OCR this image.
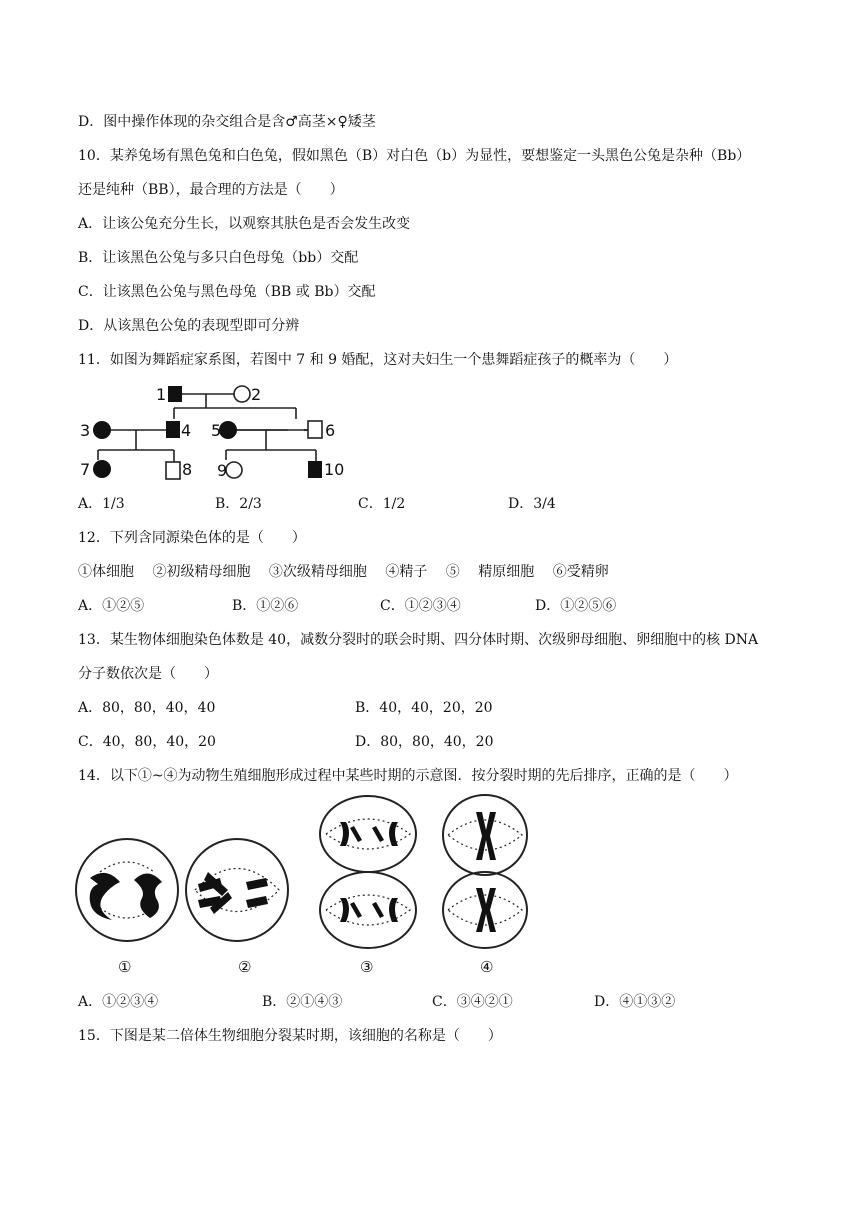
D．图中操作体现的杂交组合是含♂高茎×♀矮茎
10．某养兔场有黑色兔和白色兔，假如黑色（B）对白色（b）为显性，要想鉴定一头黑色公兔是杂种（Bb）
还是纯种（BB），最合理的方法是（　　）
A．让该公兔充分生长，以观察其肤色是否会发生改变
B．让该黑色公兔与多只白色母兔（bb）交配
C．让该黑色公兔与黑色母兔（BB 或 Bb）交配
D．从该黑色公兔的表现型即可分辨
11．如图为舞蹈症家系图，若图中 7 和 9 婚配，这对夫妇生一个患舞蹈症孩子的概率为（　　）
1	2
3	4 5	6
7	8 9	10
A．1/3	B．2/3	C．1/2	D．3/4
12．下列含同源染色体的是（　　）
①体细胞　 ②初级精母细胞　 ③次级精母细胞　 ④精子　 ⑤　 精原细胞　 ⑥受精卵
A．①②⑤	B．①②⑥	C．①②③④	D．①②⑤⑥
13．某生物体细胞染色体数是 40，减数分裂时的联会时期、四分体时期、次级卵母细胞、卵细胞中的核 DNA
分子数依次是（　　）
A．80，80，40，40	B．40，40，20，20
C．40，80，40，20	D．80，80，40，20
14．以下①~④为动物生殖细胞形成过程中某些时期的示意图．按分裂时期的先后排序，正确的是（　　）
①	②	③	④
A．①②③④	B．②①④③	C．③④②①	D．④①③②
15．下图是某二倍体生物细胞分裂某时期，该细胞的名称是（　　）
